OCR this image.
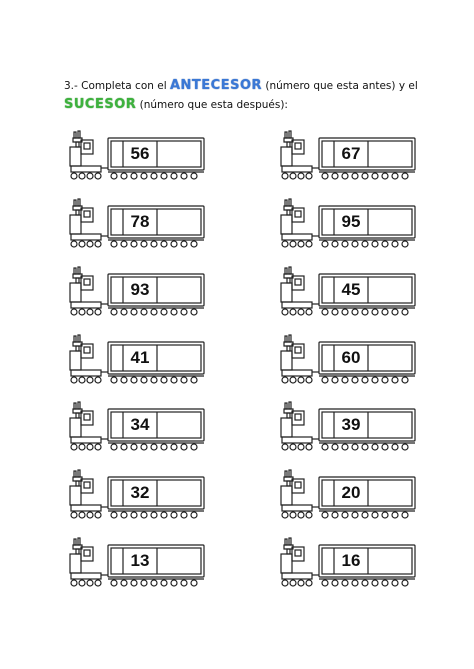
3.- Completa con el ANTECESOR (número que esta antes) y el
SUCESOR (número que esta después):
56
78
93
41
34
32
13
67
95
45
60
39
20
16
